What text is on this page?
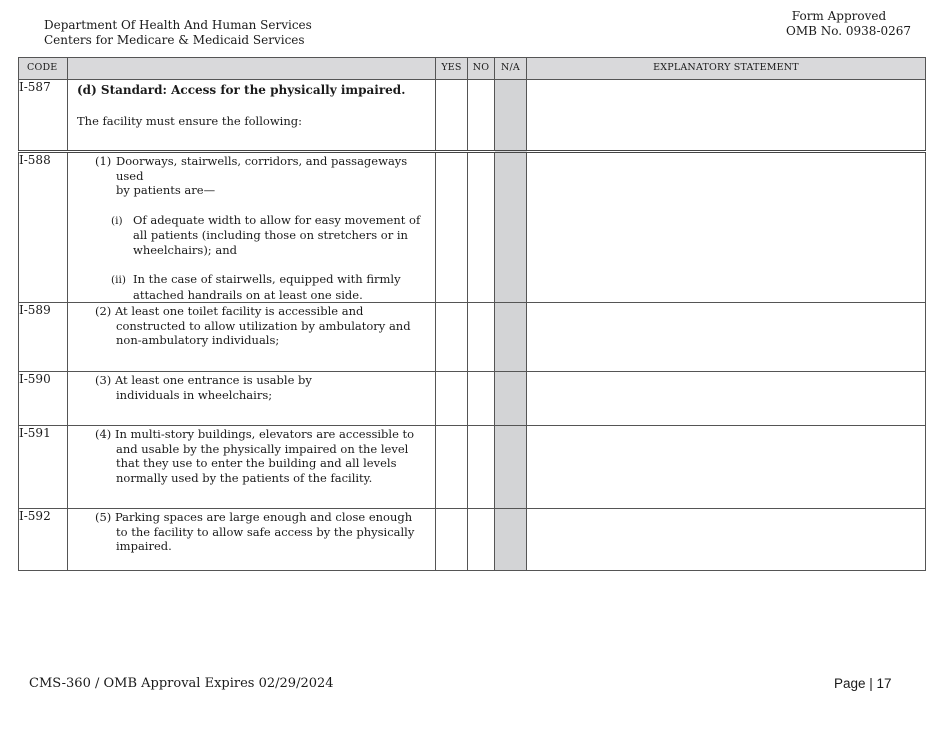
Department Of Health And Human Services
Centers for Medicare & Medicaid Services
Form Approved
OMB No. 0938-0267
CODE		YES	NO	N/A	EXPLANATORY STATEMENT
I-587	(d) Standard: Access for the physically impaired.
The facility must ensure the following:				

I-588	(1) Doorways, stairwells, corridors, and passageways used
by patients are—
(i) Of adequate width to allow for easy movement of all patients (including those on stretchers or in wheelchairs); and
(ii) In the case of stairwells, equipped with firmly attached handrails on at least one side.				

I-589	(2) At least one toilet facility is accessible and constructed to allow utilization by ambulatory and non-ambulatory individuals;				

I-590	(3) At least one entrance is usable by individuals in wheelchairs;				

I-591	(4) In multi-story buildings, elevators are accessible to and usable by the physically impaired on the level that they use to enter the building and all levels normally used by the patients of the facility.				

I-592	(5) Parking spaces are large enough and close enough to the facility to allow safe access by the physically impaired.				

CMS-360 / OMB Approval Expires 02/29/2024	Page | 17
